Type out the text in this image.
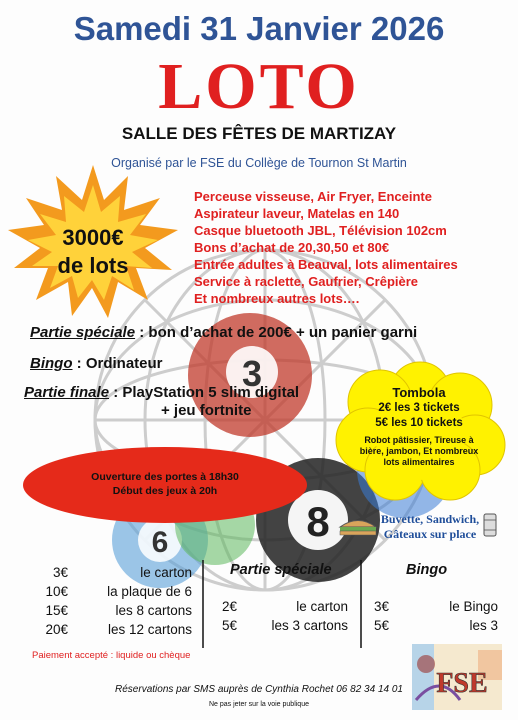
3
8
6
FSE
Samedi 31 Janvier 2026
LOTO
SALLE DES FÊTES DE MARTIZAY
Organisé par le FSE du Collège de Tournon St Martin
3000€
de lots
Perceuse visseuse, Air Fryer, Enceinte
Aspirateur laveur, Matelas en 140
Casque bluetooth JBL, Télévision 102cm
Bons d’achat de 20,30,50 et 80€
Entrée adultes à Beauval, lots alimentaires
Service à raclette, Gaufrier, Crêpière
Et nombreux autres lots….
Partie spéciale : bon d’achat de 200€ + un panier garni
Bingo : Ordinateur
Partie finale : PlayStation 5 slim digital
+ jeu fortnite
Tombola
2€ les 3 tickets
5€ les 10 tickets
Robot pâtissier, Tireuse à bière, jambon, Et nombreux lots alimentaires
Ouverture des portes à 18h30
Début des jeux à 20h
Buvette, Sandwich,
Gâteaux sur place
3€
10€
15€
20€
le carton
la plaque de 6
les 8 cartons
les 12 cartons
Partie spéciale
2€
5€
le carton
les 3 cartons
Bingo
3€
5€
le Bingo
les 3
Paiement accepté : liquide ou chèque
Réservations par SMS auprès de Cynthia Rochet 06 82 34 14 01
Ne pas jeter sur la voie publique
